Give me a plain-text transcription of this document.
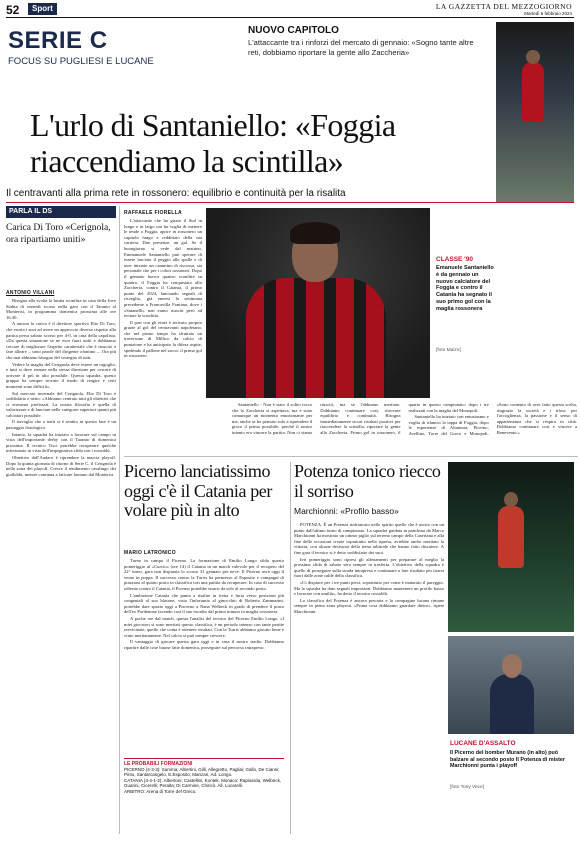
52	Sport	LA GAZZETTA DEL MEZZOGIORNO
Martedì 6 febbraio 2024
SERIE C
FOCUS SU PUGLIESI E LUCANE
NUOVO CAPITOLO
L'attaccante tra i rinforzi del mercato di gennaio: «Sogno tante altre reti, dobbiamo riportare la gente allo Zaccheria»
L'urlo di Santaniello: «Foggia riaccendiamo la scintilla»
Il centravanti alla prima rete in rossonero: equilibrio e continuità per la risalita
PARLA IL DS
Carica Di Toro «Cerignola, ora ripartiamo uniti»
ANTONIO VILLANI

Bisogna alla svolta la brutta sconfitta in casa della Juve Stabia di venerdì scorso nella gara con il Taranto al Monterisi, in programma domenica prossima alle ore 16:30.

A ancora la carica è il direttore sportivo Elio Di Toro, che esorta i suoi ad avere un approccio diverso rispetto alla partita persa sabato scorso per 4-0, in casa della capolista. «Da questa situazione se ne esce fuori uniti e dobbiamo cercare di migliorare l'aspetto caratteriale che è riuscito a fare alleare – sono parole del dirigente ofantino –. Ora più che mai abbiamo bisogno del sostegno di tutti.

Vedere la maglia del Cerignola deve essere un orgoglio, e tutti si deve remare nella stessa direzione per cercare di arrivare il più in alto possibile. Questa squadra, questo gruppo ha sempre trovato il modo di reagire e certi momenti sono difficili».

Sul mercato invernale del Cerignola, Elio Di Toro è soddisfatto e netto: «Abbiamo centrato tutti gli obiettivi che ci eravamo prefissati. La nostra filosofia è quella di valorizzare e di lanciare nelle categorie superiori quanti più calciatori possibile.

Il travaglio che a tratti si è sentito in questa fase è un passaggio fisiologico.

Intanto, la squadra ha iniziato a lavorare sul campo in vista dell'importante derby con il Taranto di domenica prossima. Il tecnico Tisci potrebbe recuperare qualche infortunato in vista dell'impegnativa sfida con i rossoblù.

Obiettivo dell'Audace è riprendere la marcia playoff. Dopo la quinta giornata di ritorno di Serie C, il Cerignola è nella zona dei playoff. Cresce il rendimento casalingo dei gialloblù, mentre continua a faticare lontano dal Monterisi.

RAFFAELE FIORELLA

L'attaccante che ha girato il Sud in lungo e in largo ora ha voglia di mettere le tende a Foggia, aprire in rossonero un capitolo lungo e redditizio della sua carriera. Due presenze, un gol. Se il buongiorno si vede dal mattino, Emmanuele Santaniello può sperare di essere lasciato il peggio alle spalle e di aver iniziato un cammino di riscossa, sia personale che per i colori rossoneri. Dopo il gennaio horror quattro sconfitte su quattro, il Foggia ha conquistato allo Zaccheria, contro il Catania, il primo punto del 2024, lanciando segnali di risveglio, già emersi la settimana precedente a Francavilla Fontana, dove i «Satanelli» non erano riusciti però ad evitare la sconfitta.

Il pari con gli etnei è arrivato proprio grazie al gol del centravanti napoletano, che nel primo tempo ha sfruttato un traversone di Millico da calcio di punizione e ha anticipato la difesa ospite, spedendo il pallone nel sacco: il primo gol in rossonero.

CLASSE '90
Emanuele Santaniello è da gennaio un nuovo calciatore del Foggia e contro il Catania ha segnato il suo primo gol con la maglia rossonera
[foto Maizo]

Santaniello - Non è stato il solito tocco che lo Zaccheria si aspettava, ma è stato comunque un momento emozionante per me, anche se ho pensato solo a riprendere il gioco il prima possibile, perché il nostro intento era vincere la partita. Non ci siamo riusciti, ma se l'abbiamo meritato. Dobbiamo continuare così, ritrovare equilibrio e continuità. Bisogna immediatamente sicuri risultati positivi per riaccendere la scintilla, riportare la gente allo Zaccheria. Primo gol in rossonero, il quarto in questo campionato: dopo i tre realizzati con la maglia del Monopoli.

Santaniello ha iniziato con entusiasmo e voglia di rilancio la tappa di Foggia, dopo le esperienze di Altamura, Picerno, Avellino, Torre del Greco e Monopoli. «Sono contento di aver fatto questa scelta, ringrazio la società e i tifosi: per l'accoglienza, la passione e il senso di appartenenza che si respira in città. Dobbiamo continuare così e vincere a Benevento.»

Picerno lanciatissimo oggi c'è il Catania per volare più in alto
MARIO LATRONICO

Turno in campo il Picerno. La formazione di Emilio Longo sfida questo pomeriggio al «Curcio» (ore 14) il Catania in un match valevole per il recupero del 22° turno, gara non disputata lo scorso 31 gennaio per neve. Il Picerno avrà oggi il vento in poppa. Il successo contro la Turris ha permesso al Esposito e compagni di piazzarsi al quarto posto in classifica con una partita da recuperare. In caso di successo odierno contro il Catania, il Picerno potrebbe issarsi da solo al secondo posto.

L'ambizione Catania che punta a risalire in fretta e furia verso posizioni più congeniali al suo blasone, visto l'infortunio al ginocchio di Roberto Zammarini, potrebbe dare spazio oggi a Piscerno a Nana Welbeck in grado di prendere il posto dell'ex Pordenone facendo così il suo esordio dal primo minuto in maglia rossonera.

A poche ore dal match, questa l'analisi del tecnico del Picerno Emilio Longo. «I miei giocatori si sono meritati questo classifica, è un periodo intenso con tante partite ravvicinate, quello che conta è ottenere risultati. Con la Turris abbiamo giocato bene e vinto meritatamente. Nel calcio si può sempre crescere.

Il vantaggio di giocare questa gara oggi e in casa il nostro stadio. Dobbiamo ripartire dalle cose buone fatte domenica, proseguire sul percorso intrapreso.

LE PROBABILI FORMAZIONI
PICERNO (4-3-3): Summa; Albertini, Gilli, Allegretto, Pagliai; Gallo, De Cianni; Pinto, Santarcangelo, E.Esposito; Manzari, Ad. Longo.
CATANIA (3-4-1-2): Albertoni; Castellini, Kontek, Monaco; Rapisarda, Welbeck, Guarini, Cicerelli; Peralta; Di Carmine, Chiricò. All. Lucarelli.
ARBITRO: Arena di Torre del Greco.
Potenza tonico riecco il sorriso
Marchionni: «Profilo basso»

POTENZA. È un Potenza rinfrancato nello spirito quello che è uscito con un punto dall'ultimo turno di campionato. La squadra guidata in panchina da Marco Marchionni ha mostrato un ottimo piglio sul terreno campo della Casertana e alla fine delle occasioni create soprattutto nella ripresa, avrebbe anche meritato la vittoria, con alcune decisioni della terna arbitrale che hanno fatto discutere. A fine gara il tecnico si è detto soddisfatto dei suoi.

Ieri pomeriggio sono ripresi gli allenamenti per preparare al meglio la prossima sfida di sabato sera sempre in trasferta. L'obiettivo della squadra è quello di proseguire sulla strada intrapresa e continuare a fare risultato per tirarsi fuori dalle zone calde della classifica.

«Ci dispiace per i tre punti persi, soprattutto per come è maturato il pareggio. Ma la squadra ha dato segnali importanti. Dobbiamo mantenere un profilo basso e lavorare con umiltà», ha detto il tecnico rossoblù.

La classifica del Potenza è ancora precaria e la compagine lucana rimane sempre in piena zona playout. «Prima cosa dobbiamo guardare dietro», ripete Marchionni.

LUCANE D'ASSALTO
Il Picerno del bomber Murano (in alto) può balzare al secondo posto Il Potenza di mister Marchionni punta i playoff
[foto Tony Vece]
